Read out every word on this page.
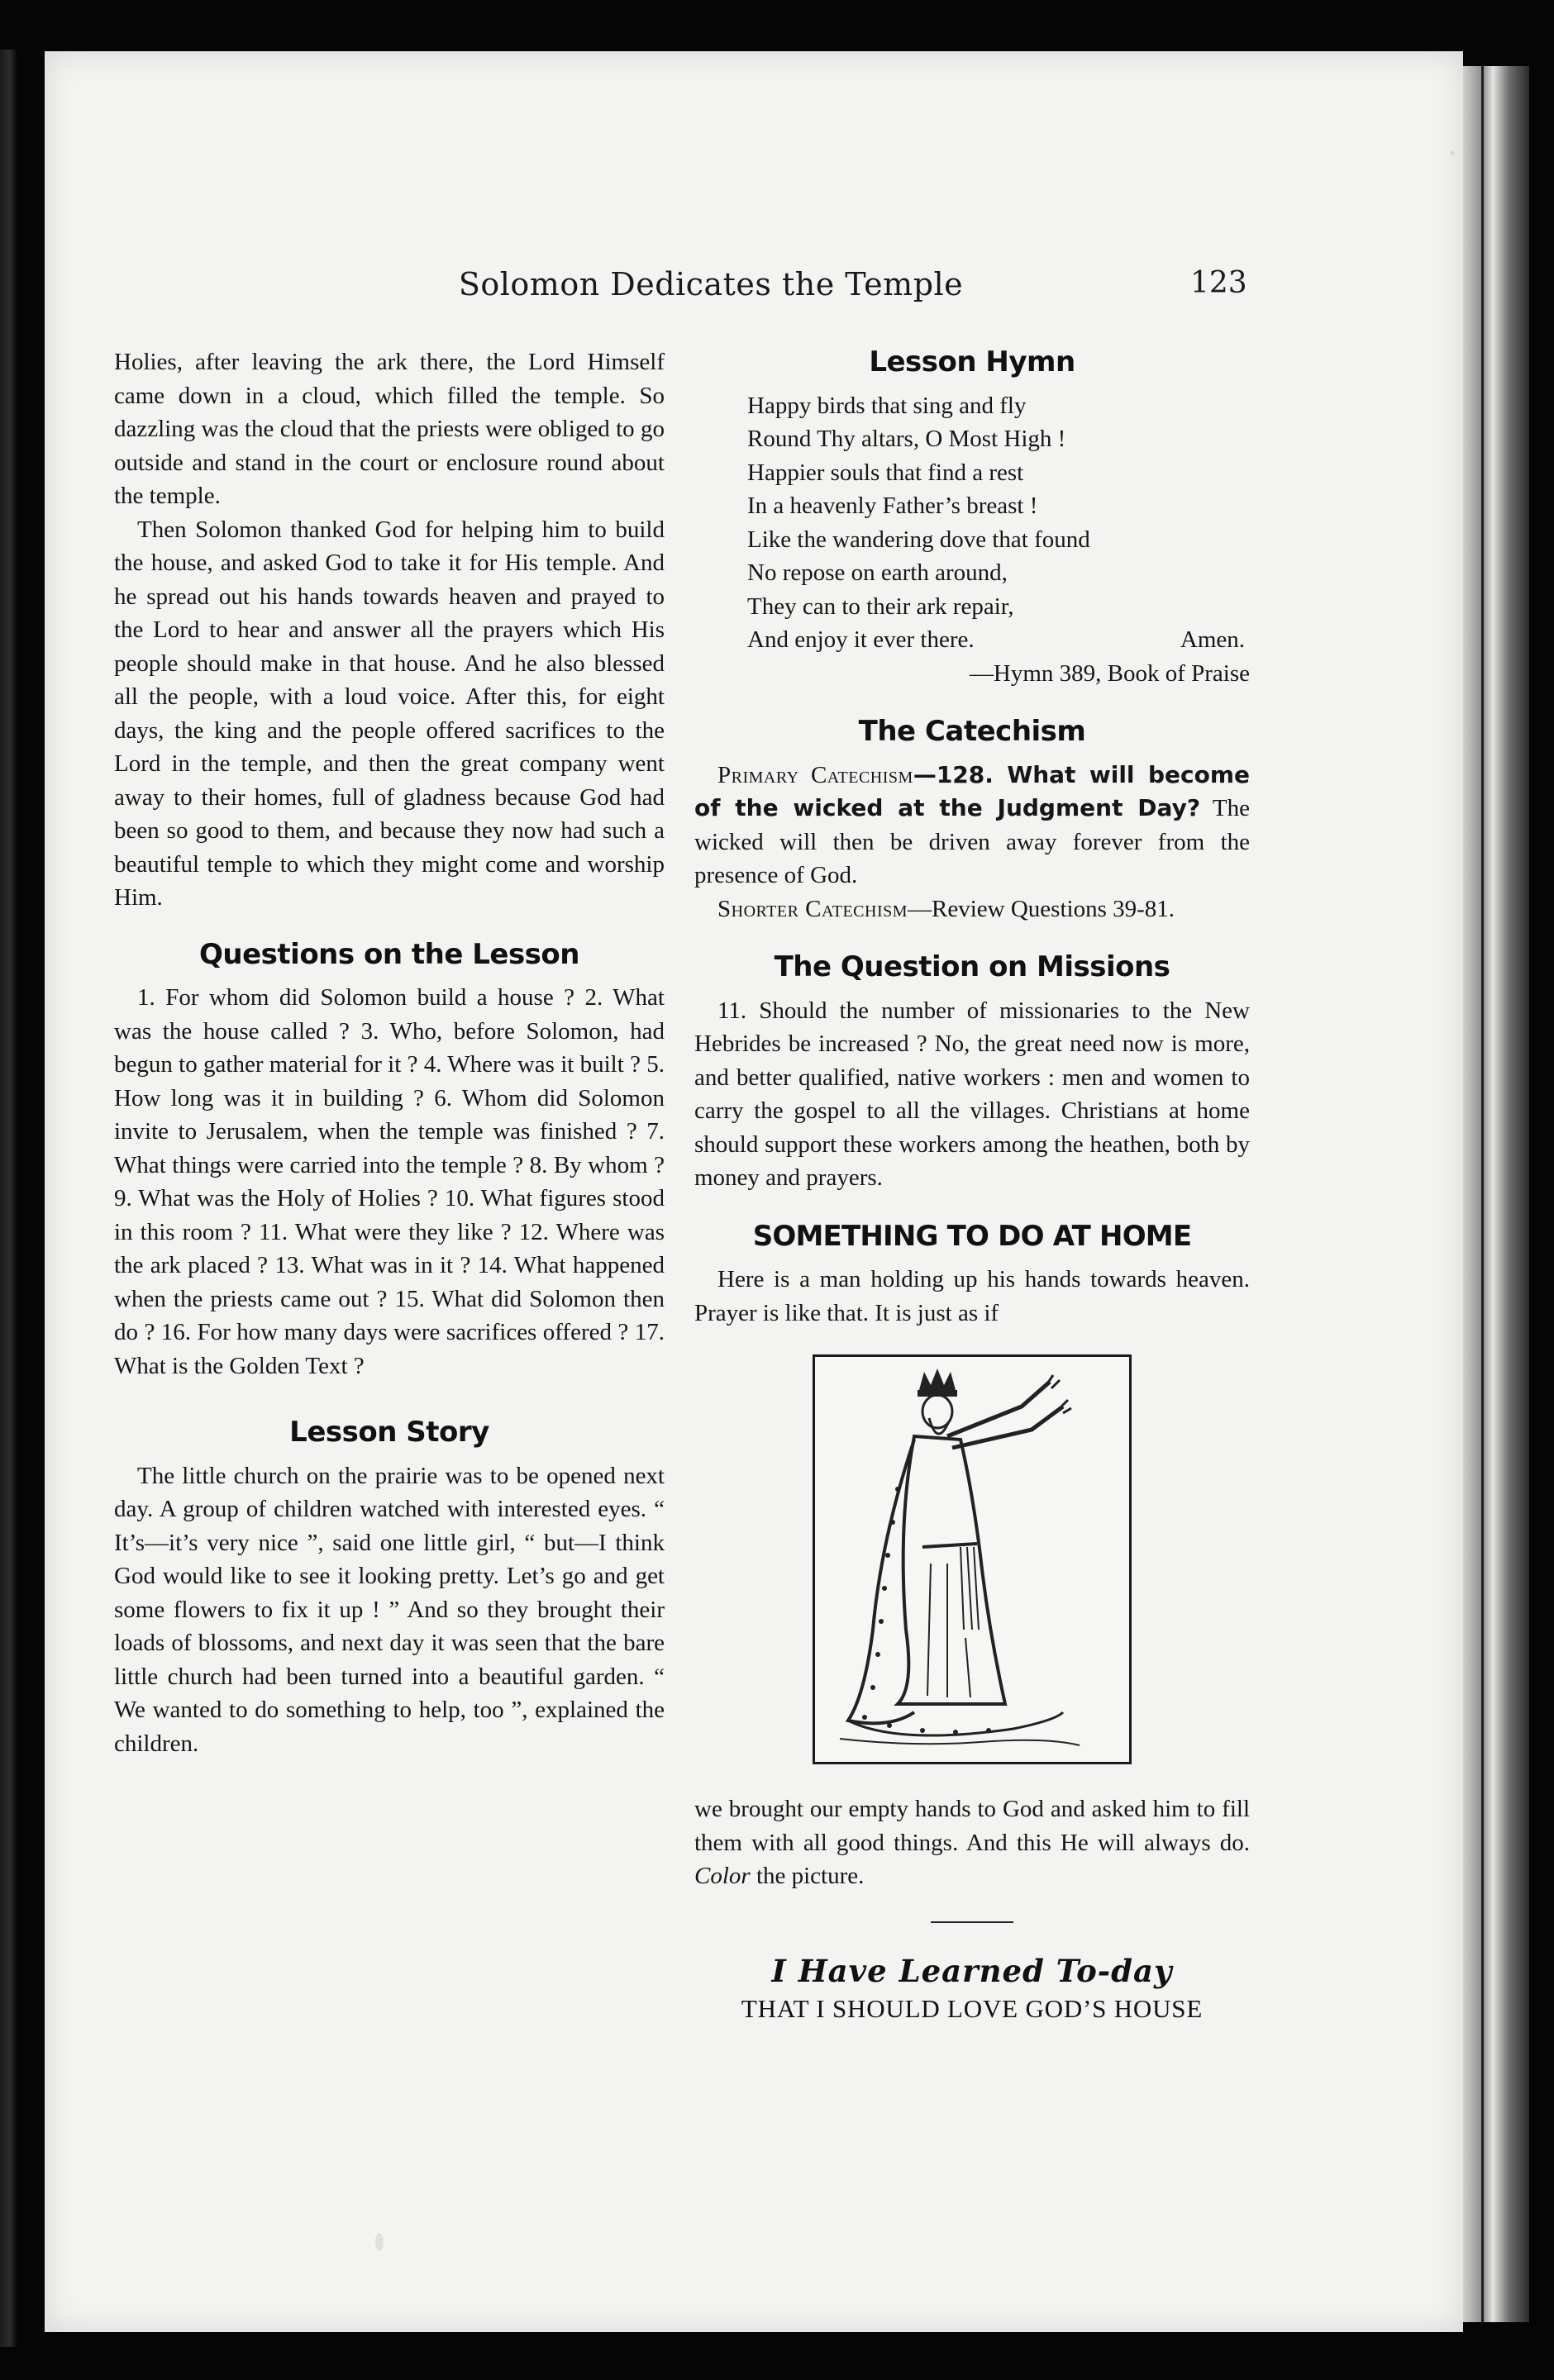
Solomon Dedicates the Temple	123

Holies, after leaving the ark there, the Lord Himself came down in a cloud, which filled the temple. So dazzling was the cloud that the priests were obliged to go outside and stand in the court or enclosure round about the temple.

Then Solomon thanked God for helping him to build the house, and asked God to take it for His temple. And he spread out his hands towards heaven and prayed to the Lord to hear and answer all the prayers which His people should make in that house. And he also blessed all the people, with a loud voice. After this, for eight days, the king and the people offered sacrifices to the Lord in the temple, and then the great company went away to their homes, full of gladness because God had been so good to them, and because they now had such a beautiful temple to which they might come and worship Him.

Questions on the Lesson

1. For whom did Solomon build a house ? 2. What was the house called ? 3. Who, before Solomon, had begun to gather material for it ? 4. Where was it built ? 5. How long was it in building ? 6. Whom did Solomon invite to Jerusalem, when the temple was finished ? 7. What things were carried into the temple ? 8. By whom ? 9. What was the Holy of Holies ? 10. What figures stood in this room ? 11. What were they like ? 12. Where was the ark placed ? 13. What was in it ? 14. What happened when the priests came out ? 15. What did Solomon then do ? 16. For how many days were sacrifices offered ? 17. What is the Golden Text ?

Lesson Story

The little church on the prairie was to be opened next day. A group of children watched with interested eyes. “ It’s—it’s very nice ”, said one little girl, “ but—I think God would like to see it looking pretty. Let’s go and get some flowers to fix it up ! ” And so they brought their loads of blossoms, and next day it was seen that the bare little church had been turned into a beautiful garden. “ We wanted to do something to help, too ”, explained the children.

Lesson Hymn
Happy birds that sing and fly
Round Thy altars, O Most High !
Happier souls that find a rest
In a heavenly Father’s breast !
Like the wandering dove that found
No repose on earth around,
They can to their ark repair,
And enjoy it ever there.	Amen.
—Hymn 389, Book of Praise
The Catechism

Primary Catechism—128. What will become of the wicked at the Judgment Day? The wicked will then be driven away forever from the presence of God.

Shorter Catechism—Review Questions 39-81.

The Question on Missions

11. Should the number of missionaries to the New Hebrides be increased ? No, the great need now is more, and better qualified, native workers : men and women to carry the gospel to all the villages. Christians at home should support these workers among the heathen, both by money and prayers.

SOMETHING TO DO AT HOME

Here is a man holding up his hands towards heaven. Prayer is like that. It is just as if

we brought our empty hands to God and asked him to fill them with all good things. And this He will always do. Color the picture.

I Have Learned To-day
THAT I SHOULD LOVE GOD’S HOUSE
